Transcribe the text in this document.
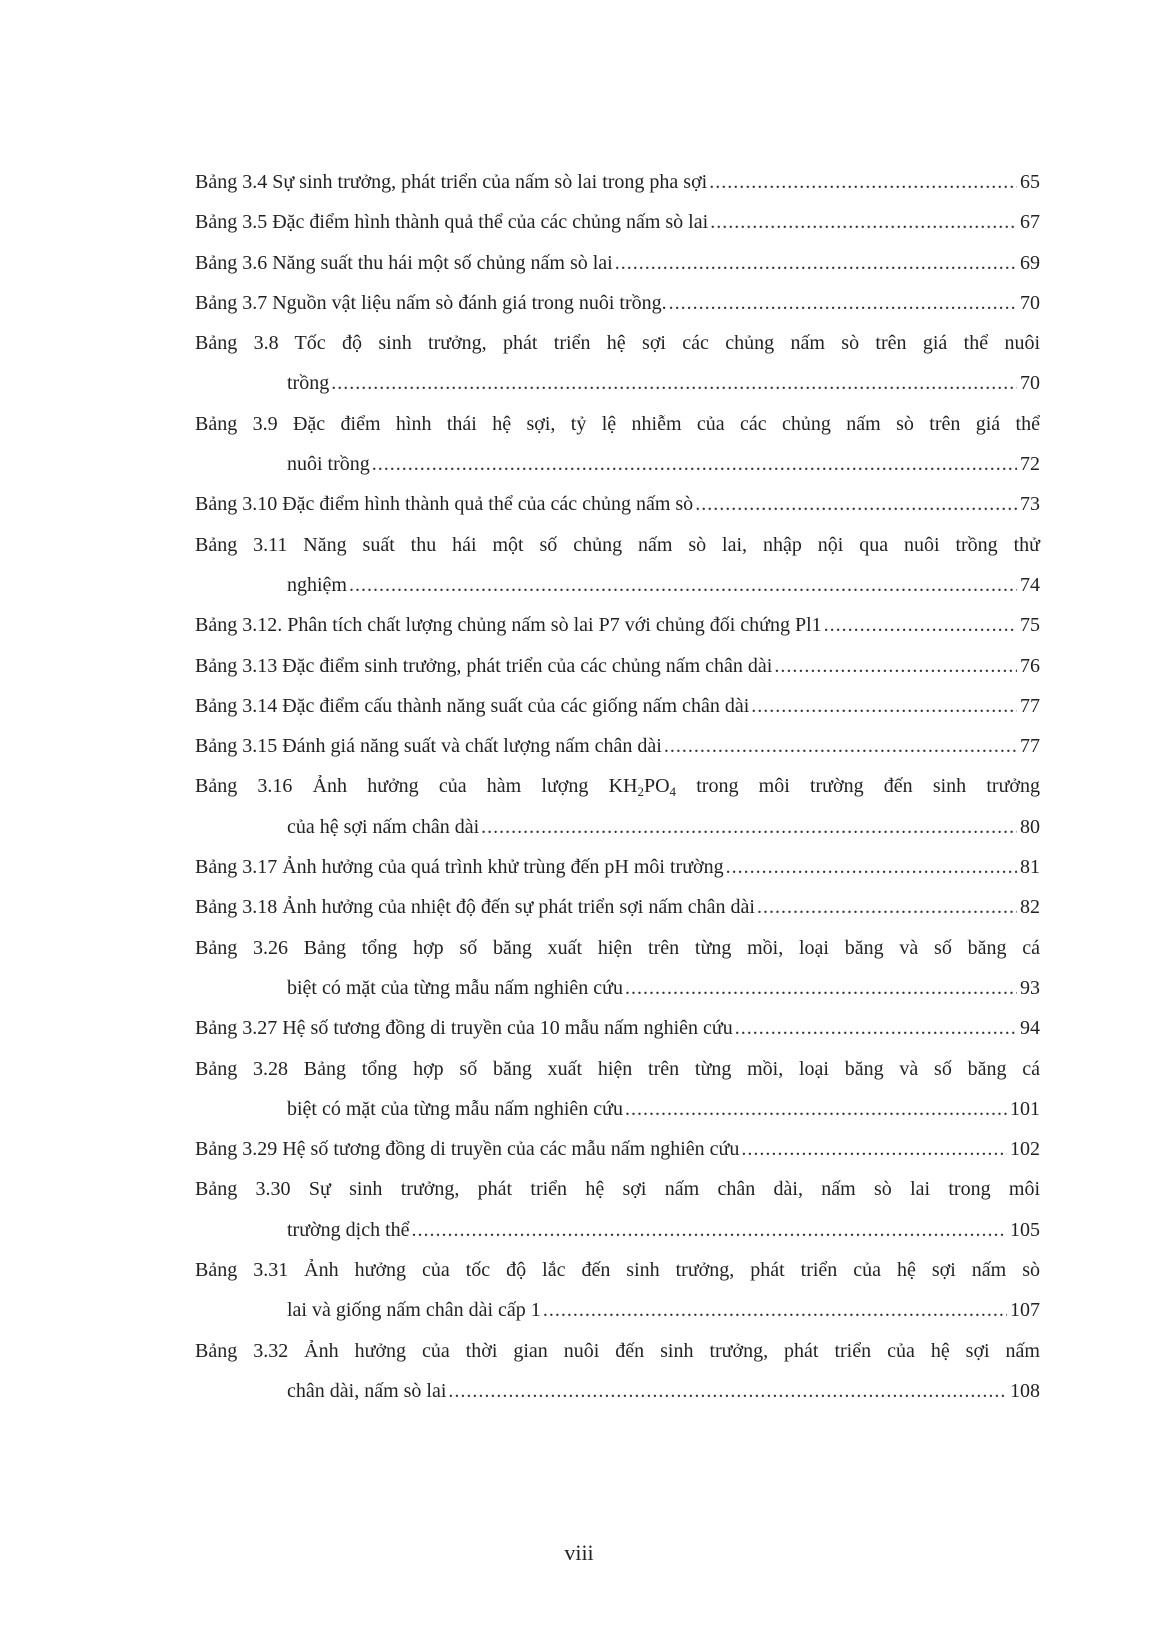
Bảng 3.4 Sự sinh trưởng, phát triển của nấm sò lai trong pha sợi .....	65
Bảng 3.5 Đặc điểm hình thành quả thể của các chủng nấm sò lai .....	67
Bảng 3.6 Năng suất thu hái một số chủng nấm sò lai .....	69
Bảng 3.7 Nguồn vật liệu nấm sò đánh giá trong nuôi trồng. .....	70
Bảng 3.8 Tốc độ sinh trưởng, phát triển hệ sợi các chủng nấm sò trên giá thể nuôi
trồng .....	70
Bảng 3.9 Đặc điểm hình thái hệ sợi, tỷ lệ nhiễm của các chủng nấm sò trên giá thể
nuôi trồng .....	72
Bảng 3.10 Đặc điểm hình thành quả thể của các chủng nấm sò .....	73
Bảng 3.11 Năng suất thu hái một số chủng nấm sò lai, nhập nội qua nuôi trồng thử
nghiệm .....	74
Bảng 3.12. Phân tích chất lượng chủng nấm sò lai P7 với chủng đối chứng Pl1 .....	75
Bảng 3.13 Đặc điểm sinh trưởng, phát triển của các chủng nấm chân dài .....	76
Bảng 3.14 Đặc điểm cấu thành năng suất của các giống nấm chân dài .....	77
Bảng 3.15 Đánh giá năng suất và chất lượng nấm chân dài .....	77
Bảng 3.16 Ảnh hưởng của hàm lượng $KH_2PO_4$ trong môi trường đến sinh trưởng
của hệ sợi nấm chân dài .....	80
Bảng 3.17 Ảnh hưởng của quá trình khử trùng đến pH môi trường .....	81
Bảng 3.18 Ảnh hưởng của nhiệt độ đến sự phát triển sợi nấm chân dài .....	82
Bảng 3.26 Bảng tổng hợp số băng xuất hiện trên từng mồi, loại băng và số băng cá
biệt có mặt của từng mẫu nấm nghiên cứu .....	93
Bảng 3.27 Hệ số tương đồng di truyền của 10 mẫu nấm nghiên cứu .....	94
Bảng 3.28 Bảng tổng hợp số băng xuất hiện trên từng mồi, loại băng và số băng cá
biệt có mặt của từng mẫu nấm nghiên cứu .....	101
Bảng 3.29 Hệ số tương đồng di truyền của các mẫu nấm nghiên cứu .....	102
Bảng 3.30 Sự sinh trưởng, phát triển hệ sợi nấm chân dài, nấm sò lai trong môi
trường dịch thể .....	105
Bảng 3.31 Ảnh hưởng của tốc độ lắc đến sinh trưởng, phát triển của hệ sợi nấm sò
lai và giống nấm chân dài cấp 1 .....	107
Bảng 3.32 Ảnh hưởng của thời gian nuôi đến sinh trưởng, phát triển của hệ sợi nấm
chân dài, nấm sò lai .....	108
viii
